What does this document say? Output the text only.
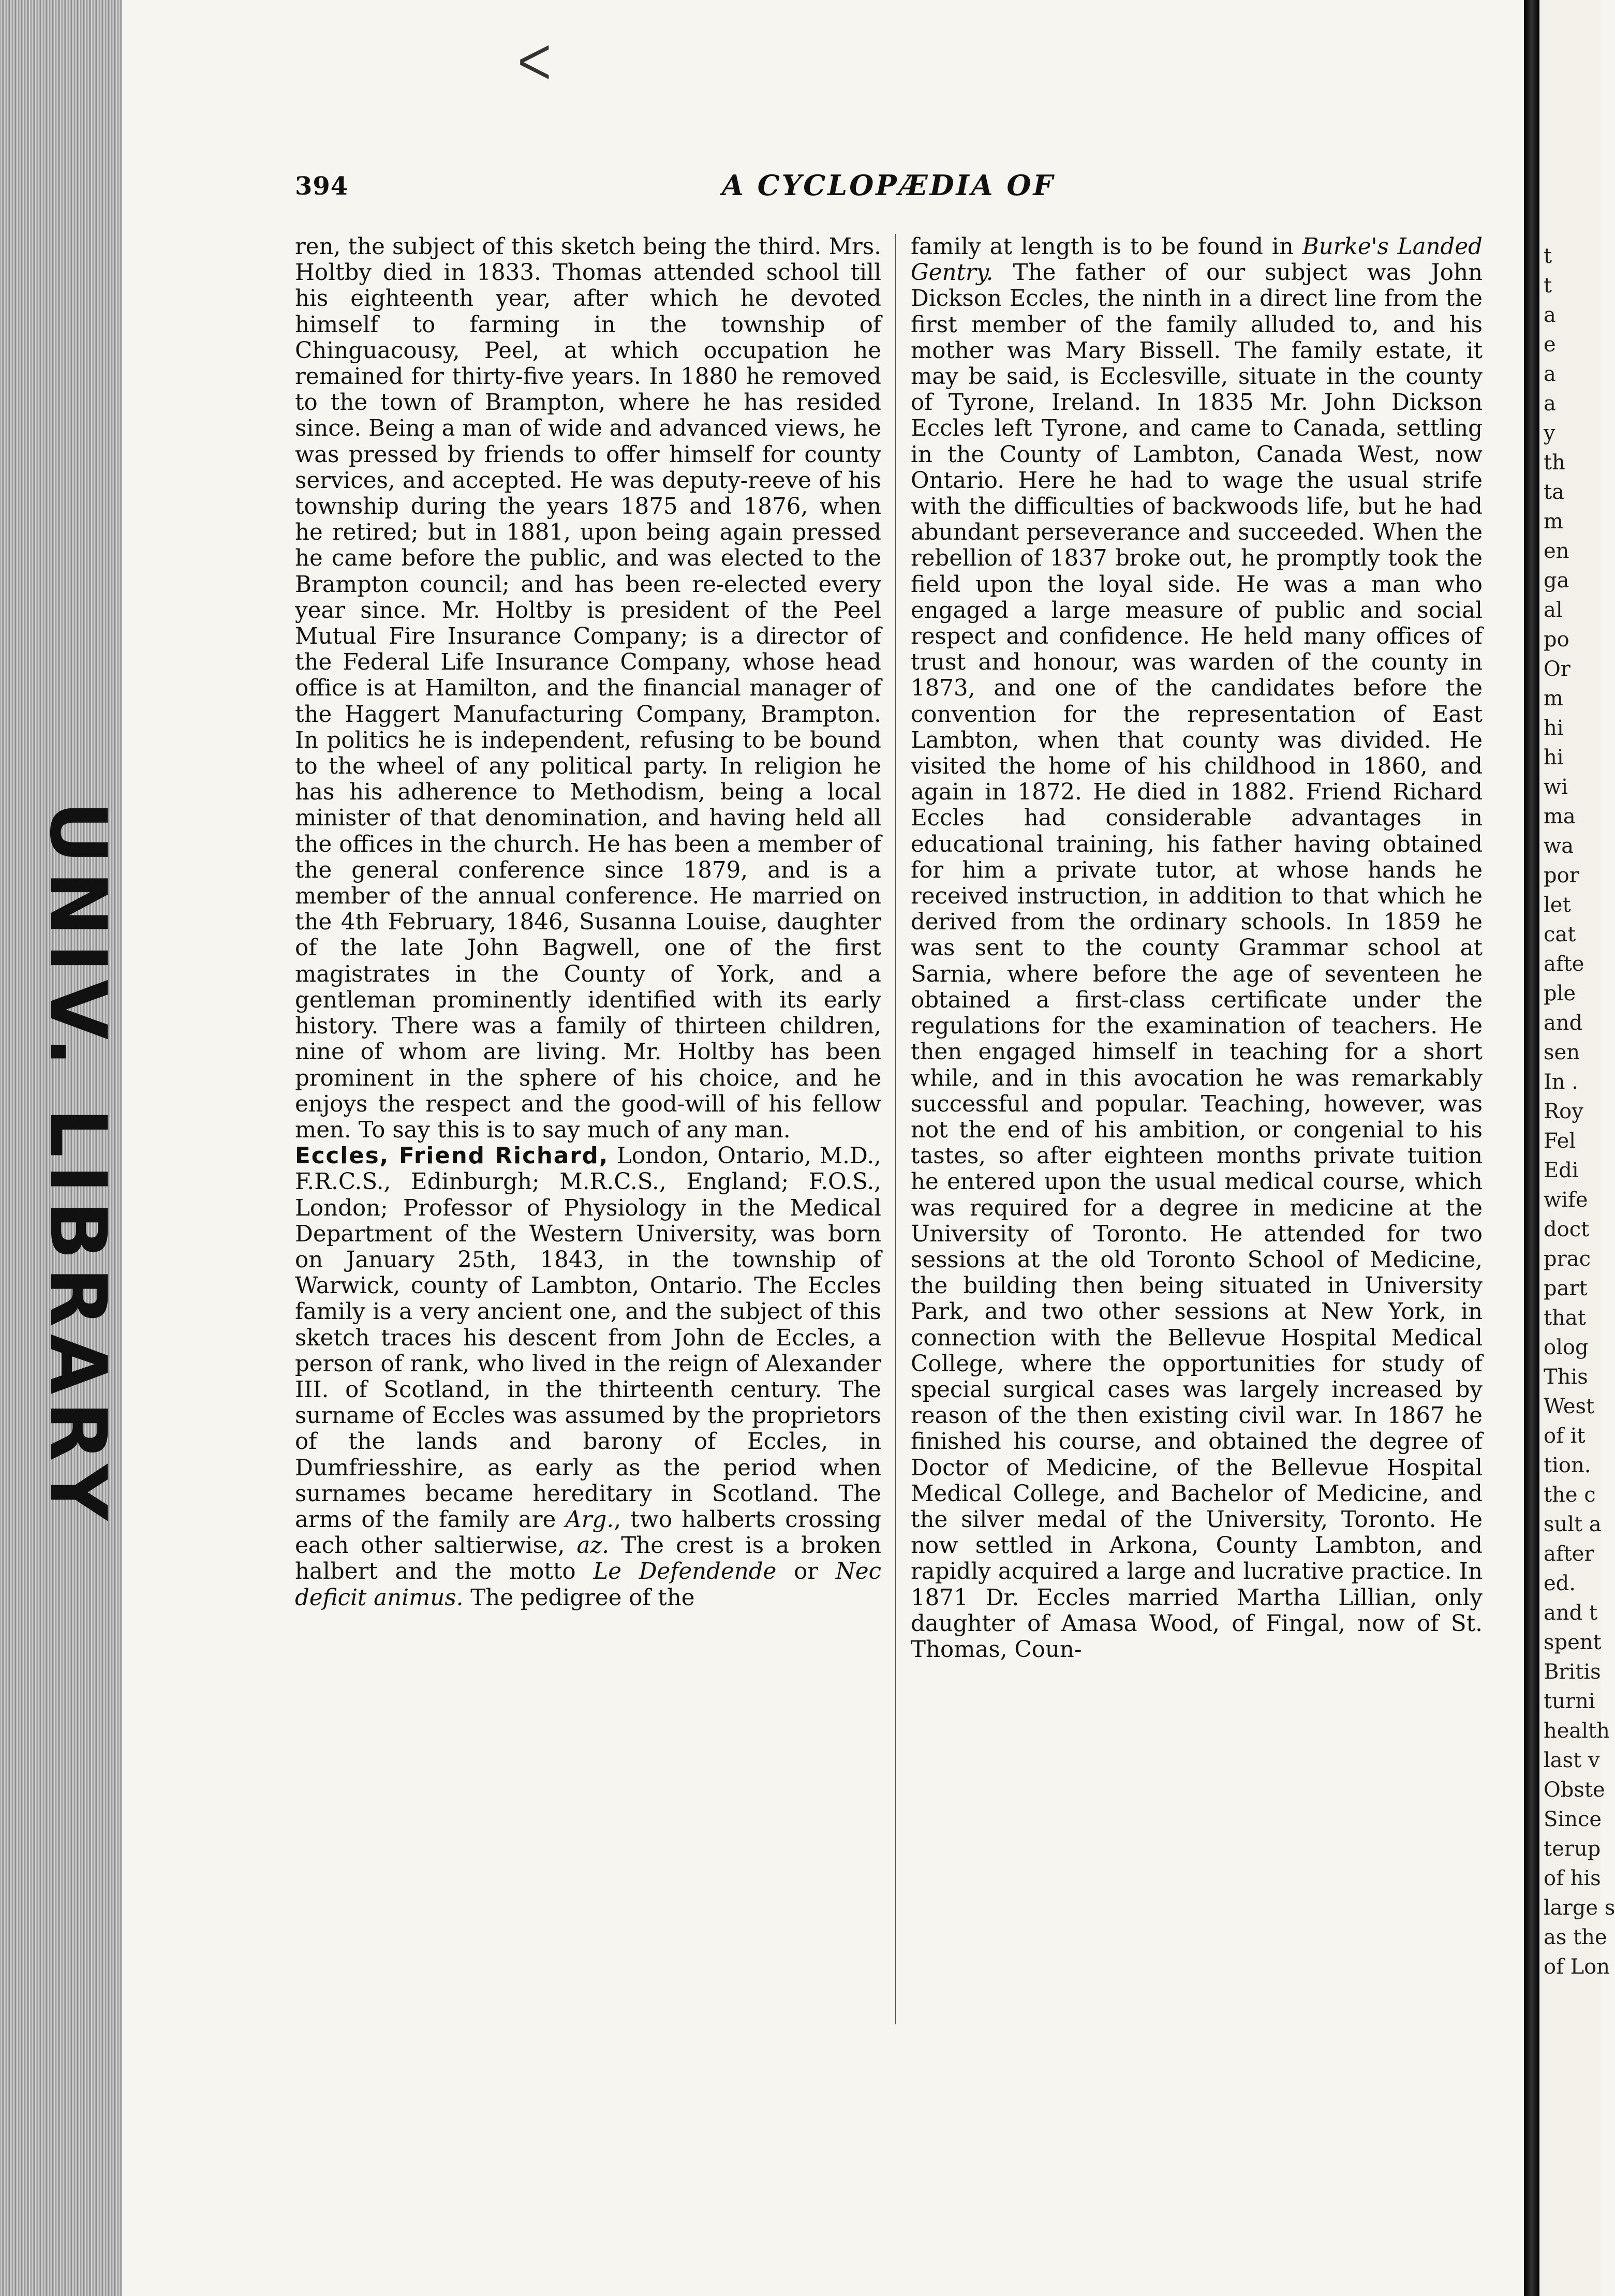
UNIV. LIBRARY
ᐸ
394	A CYCLOPÆDIA OF

ren, the subject of this sketch being the third. Mrs. Holtby died in 1833. Thomas attended school till his eighteenth year, after which he devoted himself to farming in the township of Chinguacousy, Peel, at which occupation he remained for thirty-five years. In 1880 he removed to the town of Brampton, where he has resided since. Being a man of wide and advanced views, he was pressed by friends to offer himself for county services, and accepted. He was deputy-reeve of his township during the years 1875 and 1876, when he retired; but in 1881, upon being again pressed he came before the public, and was elected to the Brampton council; and has been re-elected every year since. Mr. Holtby is president of the Peel Mutual Fire Insurance Company; is a director of the Federal Life Insurance Company, whose head office is at Hamilton, and the financial manager of the Haggert Manufacturing Company, Brampton. In politics he is independent, refusing to be bound to the wheel of any political party. In religion he has his adherence to Methodism, being a local minister of that denomination, and having held all the offices in the church. He has been a member of the general conference since 1879, and is a member of the annual conference. He married on the 4th February, 1846, Susanna Louise, daughter of the late John Bagwell, one of the first magistrates in the County of York, and a gentleman prominently identified with its early history. There was a family of thirteen children, nine of whom are living. Mr. Holtby has been prominent in the sphere of his choice, and he enjoys the respect and the good-will of his fellow men. To say this is to say much of any man.

Eccles, Friend Richard, London, Ontario, M.D., F.R.C.S., Edinburgh; M.R.C.S., England; F.O.S., London; Professor of Physiology in the Medical Department of the Western University, was born on January 25th, 1843, in the township of Warwick, county of Lambton, Ontario. The Eccles family is a very ancient one, and the subject of this sketch traces his descent from John de Eccles, a person of rank, who lived in the reign of Alexander III. of Scotland, in the thirteenth century. The surname of Eccles was assumed by the proprietors of the lands and barony of Eccles, in Dumfriesshire, as early as the period when surnames became hereditary in Scotland. The arms of the family are Arg., two halberts crossing each other saltierwise, az. The crest is a broken halbert and the motto Le Defendende or Nec deficit animus. The pedigree of the

family at length is to be found in Burke's Landed Gentry. The father of our subject was John Dickson Eccles, the ninth in a direct line from the first member of the family alluded to, and his mother was Mary Bissell. The family estate, it may be said, is Ecclesville, situate in the county of Tyrone, Ireland. In 1835 Mr. John Dickson Eccles left Tyrone, and came to Canada, settling in the County of Lambton, Canada West, now Ontario. Here he had to wage the usual strife with the difficulties of backwoods life, but he had abundant perseverance and succeeded. When the rebellion of 1837 broke out, he promptly took the field upon the loyal side. He was a man who engaged a large measure of public and social respect and confidence. He held many offices of trust and honour, was warden of the county in 1873, and one of the candidates before the convention for the representation of East Lambton, when that county was divided. He visited the home of his childhood in 1860, and again in 1872. He died in 1882. Friend Richard Eccles had considerable advantages in educational training, his father having obtained for him a private tutor, at whose hands he received instruction, in addition to that which he derived from the ordinary schools. In 1859 he was sent to the county Grammar school at Sarnia, where before the age of seventeen he obtained a first-class certificate under the regulations for the examination of teachers. He then engaged himself in teaching for a short while, and in this avocation he was remarkably successful and popular. Teaching, however, was not the end of his ambition, or congenial to his tastes, so after eighteen months private tuition he entered upon the usual medical course, which was required for a degree in medicine at the University of Toronto. He attended for two sessions at the old Toronto School of Medicine, the building then being situated in University Park, and two other sessions at New York, in connection with the Bellevue Hospital Medical College, where the opportunities for study of special surgical cases was largely increased by reason of the then existing civil war. In 1867 he finished his course, and obtained the degree of Doctor of Medicine, of the Bellevue Hospital Medical College, and Bachelor of Medicine, and the silver medal of the University, Toronto. He now settled in Arkona, County Lambton, and rapidly acquired a large and lucrative practice. In 1871 Dr. Eccles married Martha Lillian, only daughter of Amasa Wood, of Fingal, now of St. Thomas, Coun-

t
t
a
e
a
a
y
th
ta
m
en
ga
al
po
Or
m
hi
hi
wi
ma
wa
por
let
cat
afte
ple
and
sen
In .
Roy
Fel
Edi
wife
doct
prac
part
that
olog
This
West
of it
tion.
the c
sult a
after
ed.
and t
spent
Britis
turni
health
last v
Obste
Since
terup
of his
large s
as the
of Lon
